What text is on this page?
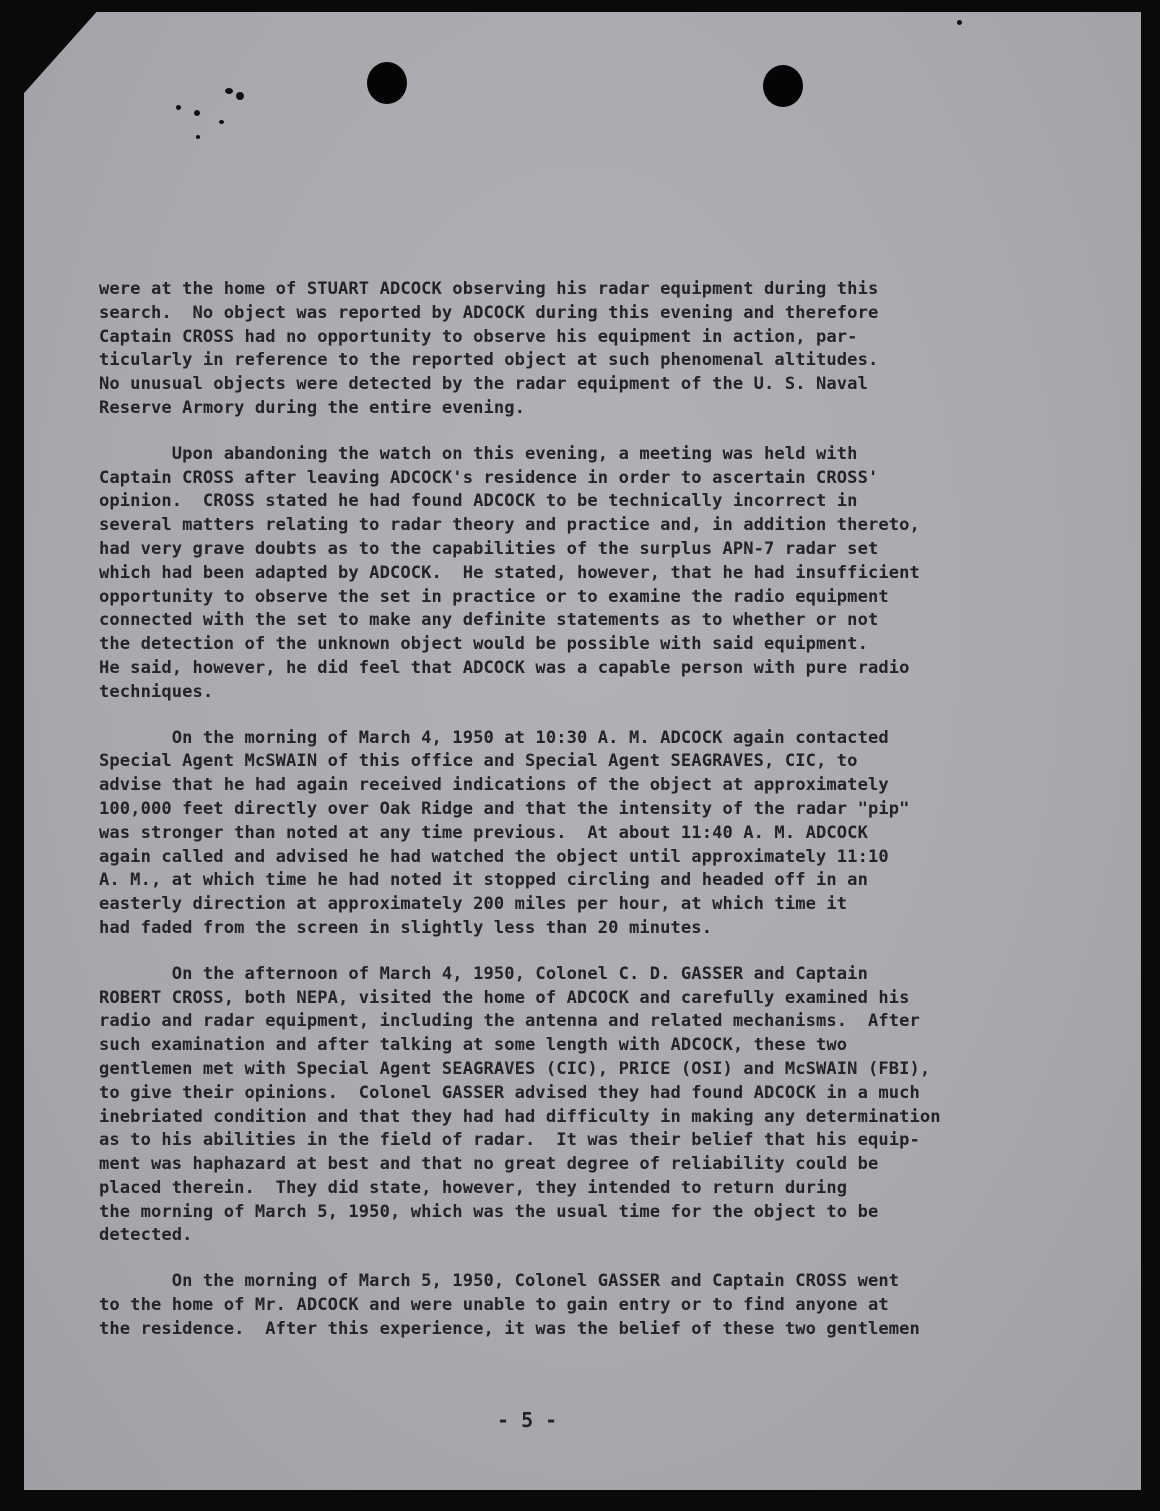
were at the home of STUART ADCOCK observing his radar equipment during this
search.  No object was reported by ADCOCK during this evening and therefore
Captain CROSS had no opportunity to observe his equipment in action, par-
ticularly in reference to the reported object at such phenomenal altitudes.
No unusual objects were detected by the radar equipment of the U. S. Naval
Reserve Armory during the entire evening.
Upon abandoning the watch on this evening, a meeting was held with
Captain CROSS after leaving ADCOCK's residence in order to ascertain CROSS'
opinion.  CROSS stated he had found ADCOCK to be technically incorrect in
several matters relating to radar theory and practice and, in addition thereto,
had very grave doubts as to the capabilities of the surplus APN-7 radar set
which had been adapted by ADCOCK.  He stated, however, that he had insufficient
opportunity to observe the set in practice or to examine the radio equipment
connected with the set to make any definite statements as to whether or not
the detection of the unknown object would be possible with said equipment.
He said, however, he did feel that ADCOCK was a capable person with pure radio
techniques.
On the morning of March 4, 1950 at 10:30 A. M. ADCOCK again contacted
Special Agent McSWAIN of this office and Special Agent SEAGRAVES, CIC, to
advise that he had again received indications of the object at approximately
100,000 feet directly over Oak Ridge and that the intensity of the radar "pip"
was stronger than noted at any time previous.  At about 11:40 A. M. ADCOCK
again called and advised he had watched the object until approximately 11:10
A. M., at which time he had noted it stopped circling and headed off in an
easterly direction at approximately 200 miles per hour, at which time it
had faded from the screen in slightly less than 20 minutes.
On the afternoon of March 4, 1950, Colonel C. D. GASSER and Captain
ROBERT CROSS, both NEPA, visited the home of ADCOCK and carefully examined his
radio and radar equipment, including the antenna and related mechanisms.  After
such examination and after talking at some length with ADCOCK, these two
gentlemen met with Special Agent SEAGRAVES (CIC), PRICE (OSI) and McSWAIN (FBI),
to give their opinions.  Colonel GASSER advised they had found ADCOCK in a much
inebriated condition and that they had had difficulty in making any determination
as to his abilities in the field of radar.  It was their belief that his equip-
ment was haphazard at best and that no great degree of reliability could be
placed therein.  They did state, however, they intended to return during
the morning of March 5, 1950, which was the usual time for the object to be
detected.
On the morning of March 5, 1950, Colonel GASSER and Captain CROSS went
to the home of Mr. ADCOCK and were unable to gain entry or to find anyone at
the residence.  After this experience, it was the belief of these two gentlemen
- 5 -
